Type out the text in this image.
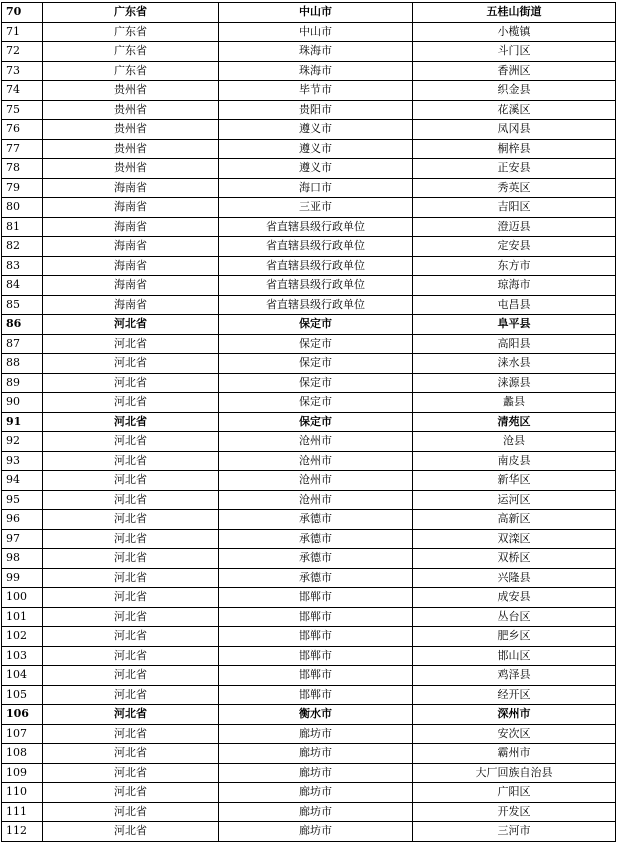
70	广东省	中山市	五桂山街道
71	广东省	中山市	小榄镇
72	广东省	珠海市	斗门区
73	广东省	珠海市	香洲区
74	贵州省	毕节市	织金县
75	贵州省	贵阳市	花溪区
76	贵州省	遵义市	凤冈县
77	贵州省	遵义市	桐梓县
78	贵州省	遵义市	正安县
79	海南省	海口市	秀英区
80	海南省	三亚市	吉阳区
81	海南省	省直辖县级行政单位	澄迈县
82	海南省	省直辖县级行政单位	定安县
83	海南省	省直辖县级行政单位	东方市
84	海南省	省直辖县级行政单位	琼海市
85	海南省	省直辖县级行政单位	屯昌县
86	河北省	保定市	阜平县
87	河北省	保定市	高阳县
88	河北省	保定市	涞水县
89	河北省	保定市	涞源县
90	河北省	保定市	蠡县
91	河北省	保定市	清苑区
92	河北省	沧州市	沧县
93	河北省	沧州市	南皮县
94	河北省	沧州市	新华区
95	河北省	沧州市	运河区
96	河北省	承德市	高新区
97	河北省	承德市	双滦区
98	河北省	承德市	双桥区
99	河北省	承德市	兴隆县
100	河北省	邯郸市	成安县
101	河北省	邯郸市	丛台区
102	河北省	邯郸市	肥乡区
103	河北省	邯郸市	邯山区
104	河北省	邯郸市	鸡泽县
105	河北省	邯郸市	经开区
106	河北省	衡水市	深州市
107	河北省	廊坊市	安次区
108	河北省	廊坊市	霸州市
109	河北省	廊坊市	大厂回族自治县
110	河北省	廊坊市	广阳区
111	河北省	廊坊市	开发区
112	河北省	廊坊市	三河市
